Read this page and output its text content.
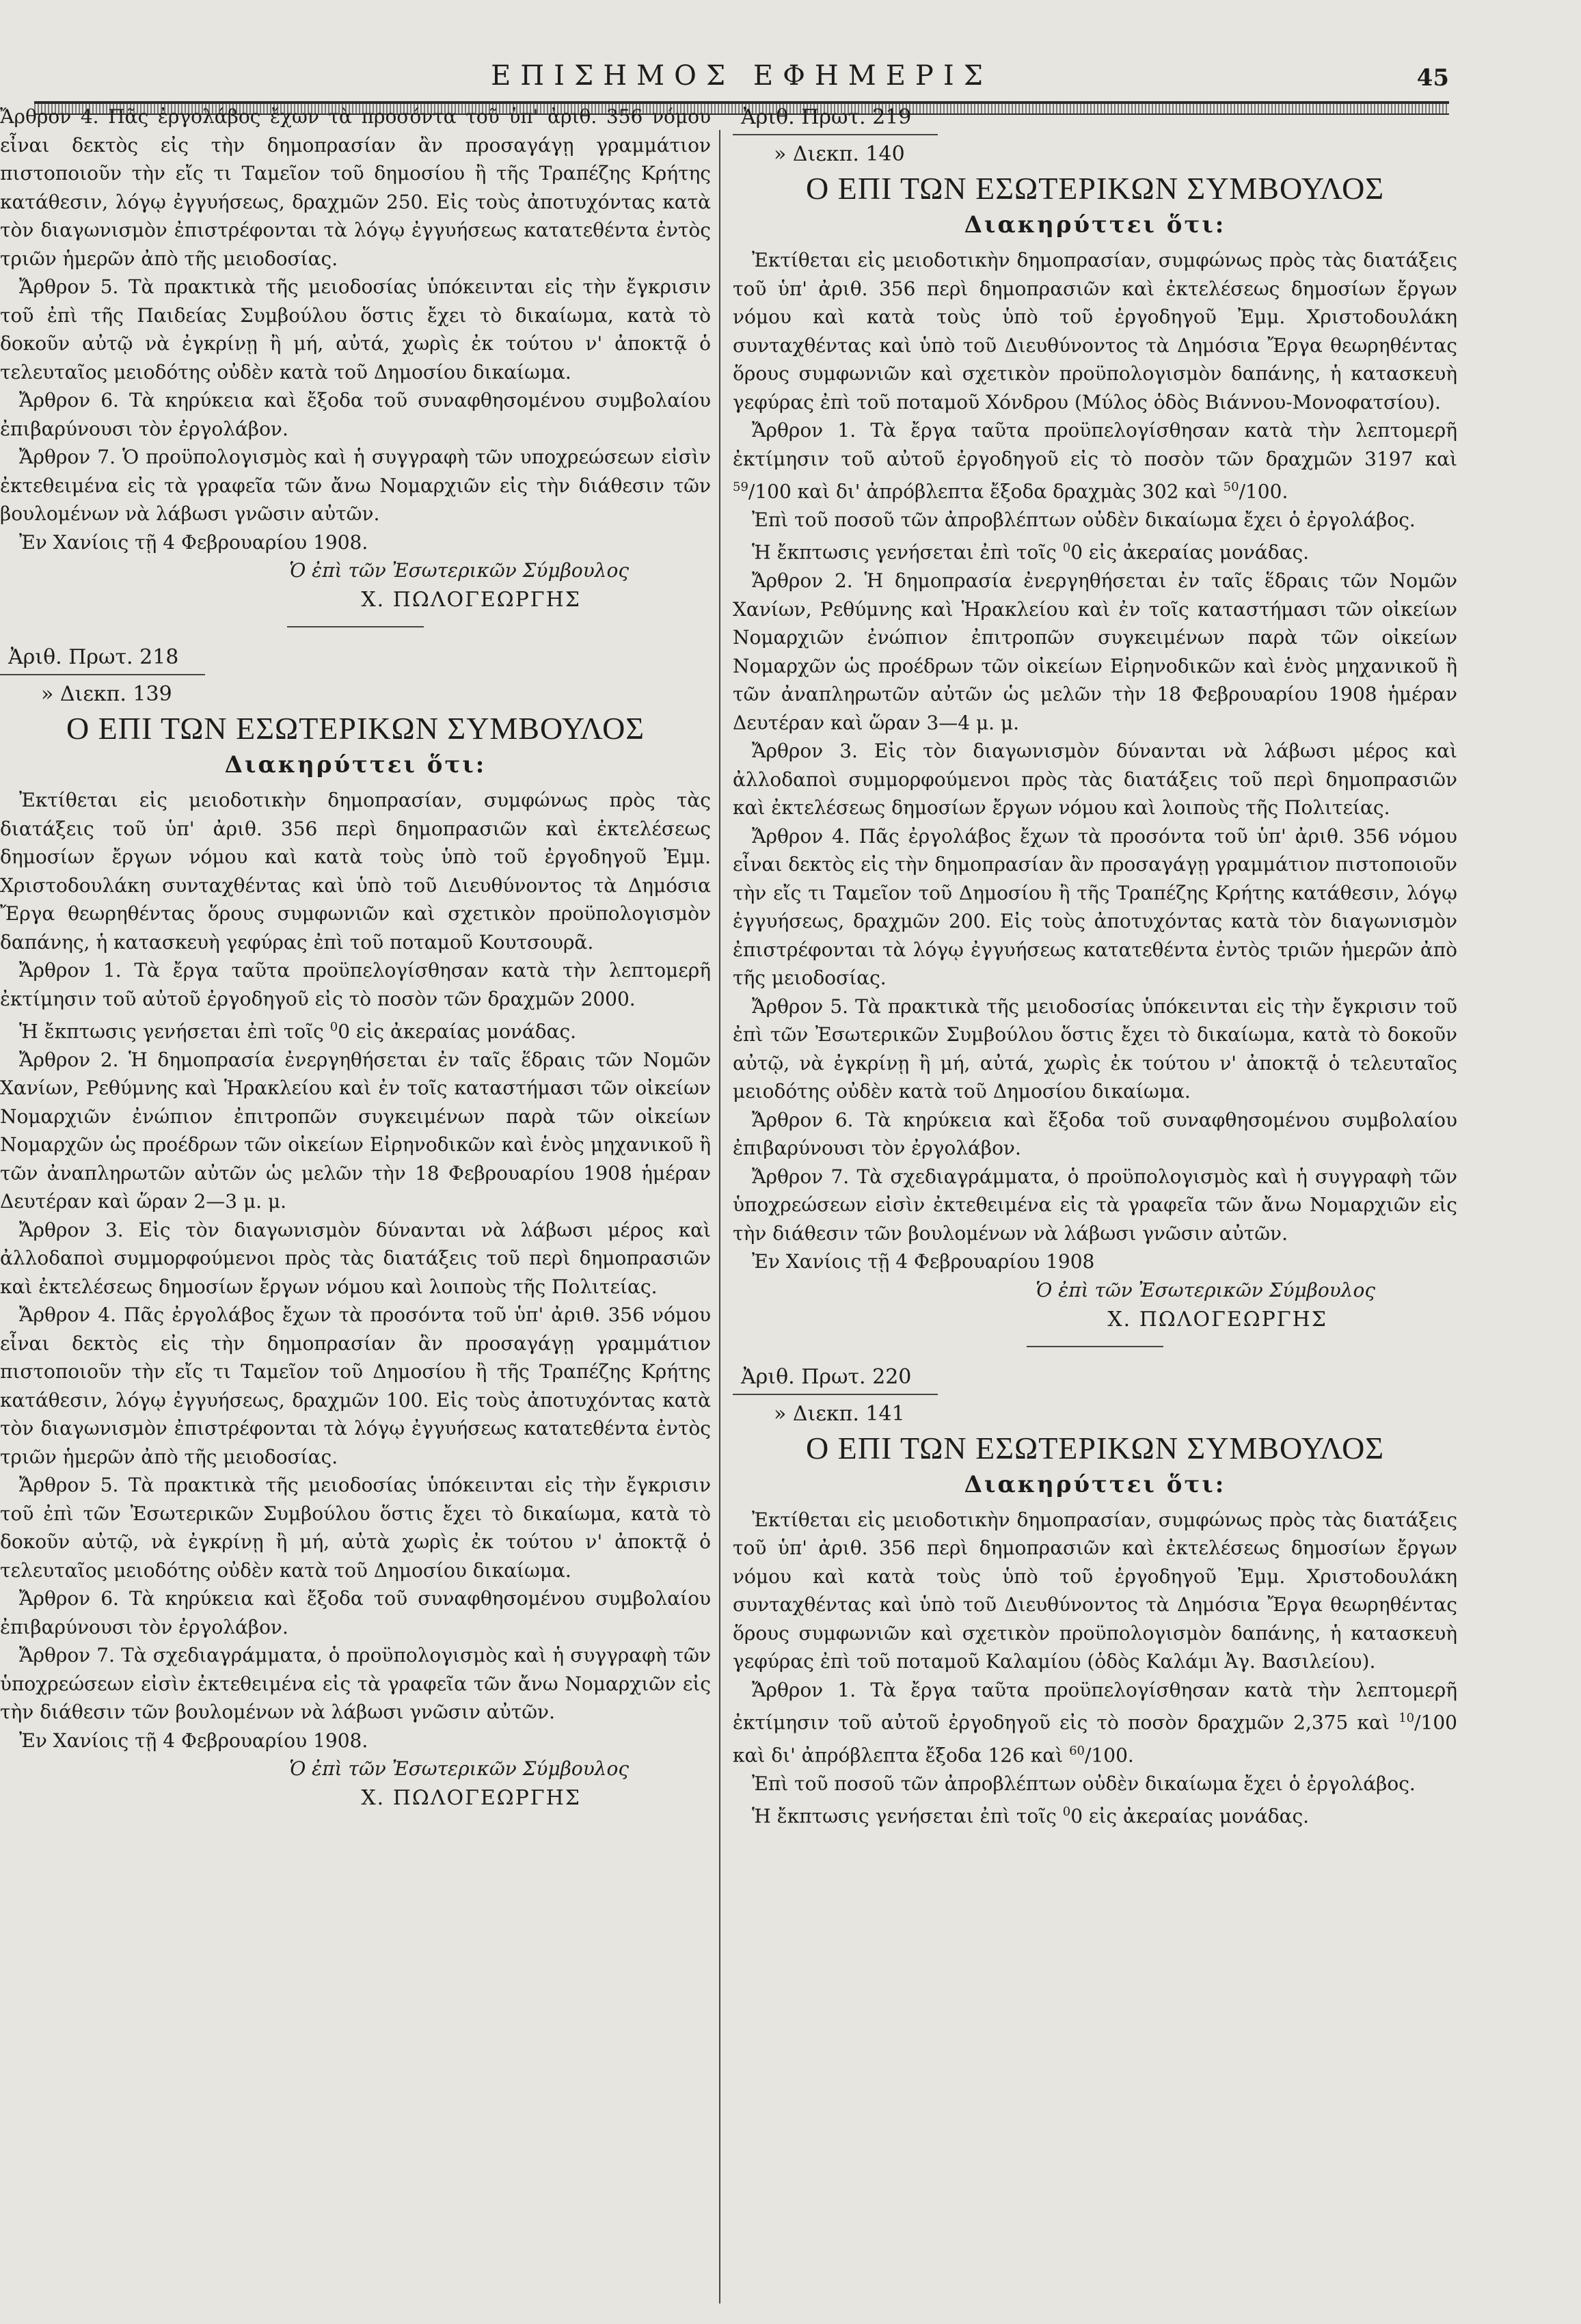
ΕΠΙΣΗΜΟΣ ΕΦΗΜΕΡΙΣ	45

Ἄρθρον 4. Πᾶς ἐργολάβος ἔχων τὰ προσόντα τοῦ ὑπ' ἀριθ. 356 νόμου εἶναι δεκτὸς εἰς τὴν δημοπρασίαν ἂν προσαγάγῃ γραμμάτιον πιστοποιοῦν τὴν εἴς τι Ταμεῖον τοῦ δημοσίου ἢ τῆς Τραπέζης Κρήτης κατάθεσιν, λόγῳ ἐγγυήσεως, δραχμῶν 250. Εἰς τοὺς ἀποτυχόντας κατὰ τὸν διαγωνισμὸν ἐπιστρέφονται τὰ λόγῳ ἐγγυήσεως κατατεθέντα ἐντὸς τριῶν ἡμερῶν ἀπὸ τῆς μειοδοσίας.

Ἄρθρον 5. Τὰ πρακτικὰ τῆς μειοδοσίας ὑπόκεινται εἰς τὴν ἔγκρισιν τοῦ ἐπὶ τῆς Παιδείας Συμβούλου ὅστις ἔχει τὸ δικαίωμα, κατὰ τὸ δοκοῦν αὐτῷ νὰ ἐγκρίνῃ ἢ μή, αὐτά, χωρὶς ἐκ τούτου ν' ἀποκτᾷ ὁ τελευταῖος μειοδότης οὐδὲν κατὰ τοῦ Δημοσίου δικαίωμα.

Ἄρθρον 6. Τὰ κηρύκεια καὶ ἔξοδα τοῦ συναφθησομένου συμβολαίου ἐπιβαρύνουσι τὸν ἐργολάβον.

Ἄρθρον 7. Ὁ προϋπολογισμὸς καὶ ἡ συγγραφὴ τῶν υποχρεώσεων εἰσὶν ἐκτεθειμένα εἰς τὰ γραφεῖα τῶν ἄνω Νομαρχιῶν εἰς τὴν διάθεσιν τῶν βουλομένων νὰ λάβωσι γνῶσιν αὐτῶν.

Ἐν Χανίοις τῇ 4 Φεβρουαρίου 1908.

Ὁ ἐπὶ τῶν Ἐσωτερικῶν Σύμβουλος
Χ. ΠΩΛΟΓΕΩΡΓΗΣ
Ἀριθ. Πρωτ. 218
» Διεκπ. 139
Ο ΕΠΙ ΤΩΝ ΕΣΩΤΕΡΙΚΩΝ ΣΥΜΒΟΥΛΟΣ
Διακηρύττει ὅτι:

Ἐκτίθεται εἰς μειοδοτικὴν δημοπρασίαν, συμφώνως πρὸς τὰς διατάξεις τοῦ ὑπ' ἀριθ. 356 περὶ δημοπρασιῶν καὶ ἐκτελέσεως δημοσίων ἔργων νόμου καὶ κατὰ τοὺς ὑπὸ τοῦ ἐργοδηγοῦ Ἐμμ. Χριστοδουλάκη συνταχθέντας καὶ ὑπὸ τοῦ Διευθύνοντος τὰ Δημόσια Ἔργα θεωρηθέντας ὅρους συμφωνιῶν καὶ σχετικὸν προϋπολογισμὸν δαπάνης, ἡ κατασκευὴ γεφύρας ἐπὶ τοῦ ποταμοῦ Κουτσουρᾶ.

Ἄρθρον 1. Τὰ ἔργα ταῦτα προϋπελογίσθησαν κατὰ τὴν λεπτομερῆ ἐκτίμησιν τοῦ αὐτοῦ ἐργοδηγοῦ εἰς τὸ ποσὸν τῶν δραχμῶν 2000.

Ἡ ἔκπτωσις γενήσεται ἐπὶ τοῖς $^0$0 εἰς ἀκεραίας μονάδας.

Ἄρθρον 2. Ἡ δημοπρασία ἐνεργηθήσεται ἐν ταῖς ἕδραις τῶν Νομῶν Χανίων, Ρεθύμνης καὶ Ἡρακλείου καὶ ἐν τοῖς καταστήμασι τῶν οἰκείων Νομαρχιῶν ἐνώπιον ἐπιτροπῶν συγκειμένων παρὰ τῶν οἰκείων Νομαρχῶν ὡς προέδρων τῶν οἰκείων Εἰρηνοδικῶν καὶ ἑνὸς μηχανικοῦ ἢ τῶν ἀναπληρωτῶν αὐτῶν ὡς μελῶν τὴν 18 Φεβρουαρίου 1908 ἡμέραν Δευτέραν καὶ ὥραν 2—3 μ. μ.

Ἄρθρον 3. Εἰς τὸν διαγωνισμὸν δύνανται νὰ λάβωσι μέρος καὶ ἀλλοδαποὶ συμμορφούμενοι πρὸς τὰς διατάξεις τοῦ περὶ δημοπρασιῶν καὶ ἐκτελέσεως δημοσίων ἔργων νόμου καὶ λοιποὺς τῆς Πολιτείας.

Ἄρθρον 4. Πᾶς ἐργολάβος ἔχων τὰ προσόντα τοῦ ὑπ' ἀριθ. 356 νόμου εἶναι δεκτὸς εἰς τὴν δημοπρασίαν ἂν προσαγάγῃ γραμμάτιον πιστοποιοῦν τὴν εἴς τι Ταμεῖον τοῦ Δημοσίου ἢ τῆς Τραπέζης Κρήτης κατάθεσιν, λόγῳ ἐγγυήσεως, δραχμῶν 100. Εἰς τοὺς ἀποτυχόντας κατὰ τὸν διαγωνισμὸν ἐπιστρέφονται τὰ λόγῳ ἐγγυήσεως κατατεθέντα ἐντὸς τριῶν ἡμερῶν ἀπὸ τῆς μειοδοσίας.

Ἄρθρον 5. Τὰ πρακτικὰ τῆς μειοδοσίας ὑπόκεινται εἰς τὴν ἔγκρισιν τοῦ ἐπὶ τῶν Ἐσωτερικῶν Συμβούλου ὅστις ἔχει τὸ δικαίωμα, κατὰ τὸ δοκοῦν αὐτῷ, νὰ ἐγκρίνῃ ἢ μή, αὐτὰ χωρὶς ἐκ τούτου ν' ἀποκτᾷ ὁ τελευταῖος μειοδότης οὐδὲν κατὰ τοῦ Δημοσίου δικαίωμα.

Ἄρθρον 6. Τὰ κηρύκεια καὶ ἔξοδα τοῦ συναφθησομένου συμβολαίου ἐπιβαρύνουσι τὸν ἐργολάβον.

Ἄρθρον 7. Τὰ σχεδιαγράμματα, ὁ προϋπολογισμὸς καὶ ἡ συγγραφὴ τῶν ὑποχρεώσεων εἰσὶν ἐκτεθειμένα εἰς τὰ γραφεῖα τῶν ἄνω Νομαρχιῶν εἰς τὴν διάθεσιν τῶν βουλομένων νὰ λάβωσι γνῶσιν αὐτῶν.

Ἐν Χανίοις τῇ 4 Φεβρουαρίου 1908.

Ὁ ἐπὶ τῶν Ἐσωτερικῶν Σύμβουλος
Χ. ΠΩΛΟΓΕΩΡΓΗΣ
Ἀριθ. Πρωτ. 219
» Διεκπ. 140
Ο ΕΠΙ ΤΩΝ ΕΣΩΤΕΡΙΚΩΝ ΣΥΜΒΟΥΛΟΣ
Διακηρύττει ὅτι:

Ἐκτίθεται εἰς μειοδοτικὴν δημοπρασίαν, συμφώνως πρὸς τὰς διατάξεις τοῦ ὑπ' ἀριθ. 356 περὶ δημοπρασιῶν καὶ ἐκτελέσεως δημοσίων ἔργων νόμου καὶ κατὰ τοὺς ὑπὸ τοῦ ἐργοδηγοῦ Ἐμμ. Χριστοδουλάκη συνταχθέντας καὶ ὑπὸ τοῦ Διευθύνοντος τὰ Δημόσια Ἔργα θεωρηθέντας ὅρους συμφωνιῶν καὶ σχετικὸν προϋπολογισμὸν δαπάνης, ἡ κατασκευὴ γεφύρας ἐπὶ τοῦ ποταμοῦ Χόνδρου (Μύλος ὁδὸς Βιάννου-Μονοφατσίου).

Ἄρθρον 1. Τὰ ἔργα ταῦτα προϋπελογίσθησαν κατὰ τὴν λεπτομερῆ ἐκτίμησιν τοῦ αὐτοῦ ἐργοδηγοῦ εἰς τὸ ποσὸν τῶν δραχμῶν 3197 καὶ $^{59}$/100 καὶ δι' ἀπρόβλεπτα ἔξοδα δραχμὰς 302 καὶ $^{50}$/100.

Ἐπὶ τοῦ ποσοῦ τῶν ἀπροβλέπτων οὐδὲν δικαίωμα ἔχει ὁ ἐργολάβος.

Ἡ ἔκπτωσις γενήσεται ἐπὶ τοῖς $^0$0 εἰς ἀκεραίας μονάδας.

Ἄρθρον 2. Ἡ δημοπρασία ἐνεργηθήσεται ἐν ταῖς ἕδραις τῶν Νομῶν Χανίων, Ρεθύμνης καὶ Ἡρακλείου καὶ ἐν τοῖς καταστήμασι τῶν οἰκείων Νομαρχιῶν ἐνώπιον ἐπιτροπῶν συγκειμένων παρὰ τῶν οἰκείων Νομαρχῶν ὡς προέδρων τῶν οἰκείων Εἰρηνοδικῶν καὶ ἑνὸς μηχανικοῦ ἢ τῶν ἀναπληρωτῶν αὐτῶν ὡς μελῶν τὴν 18 Φεβρουαρίου 1908 ἡμέραν Δευτέραν καὶ ὥραν 3—4 μ. μ.

Ἄρθρον 3. Εἰς τὸν διαγωνισμὸν δύνανται νὰ λάβωσι μέρος καὶ ἀλλοδαποὶ συμμορφούμενοι πρὸς τὰς διατάξεις τοῦ περὶ δημοπρασιῶν καὶ ἐκτελέσεως δημοσίων ἔργων νόμου καὶ λοιποὺς τῆς Πολιτείας.

Ἄρθρον 4. Πᾶς ἐργολάβος ἔχων τὰ προσόντα τοῦ ὑπ' ἀριθ. 356 νόμου εἶναι δεκτὸς εἰς τὴν δημοπρασίαν ἂν προσαγάγῃ γραμμάτιον πιστοποιοῦν τὴν εἴς τι Ταμεῖον τοῦ Δημοσίου ἢ τῆς Τραπέζης Κρήτης κατάθεσιν, λόγῳ ἐγγυήσεως, δραχμῶν 200. Εἰς τοὺς ἀποτυχόντας κατὰ τὸν διαγωνισμὸν ἐπιστρέφονται τὰ λόγῳ ἐγγυήσεως κατατεθέντα ἐντὸς τριῶν ἡμερῶν ἀπὸ τῆς μειοδοσίας.

Ἄρθρον 5. Τὰ πρακτικὰ τῆς μειοδοσίας ὑπόκεινται εἰς τὴν ἔγκρισιν τοῦ ἐπὶ τῶν Ἐσωτερικῶν Συμβούλου ὅστις ἔχει τὸ δικαίωμα, κατὰ τὸ δοκοῦν αὐτῷ, νὰ ἐγκρίνῃ ἢ μή, αὐτά, χωρὶς ἐκ τούτου ν' ἀποκτᾷ ὁ τελευταῖος μειοδότης οὐδὲν κατὰ τοῦ Δημοσίου δικαίωμα.

Ἄρθρον 6. Τὰ κηρύκεια καὶ ἔξοδα τοῦ συναφθησομένου συμβολαίου ἐπιβαρύνουσι τὸν ἐργολάβον.

Ἄρθρον 7. Τὰ σχεδιαγράμματα, ὁ προϋπολογισμὸς καὶ ἡ συγγραφὴ τῶν ὑποχρεώσεων εἰσὶν ἐκτεθειμένα εἰς τὰ γραφεῖα τῶν ἄνω Νομαρχιῶν εἰς τὴν διάθεσιν τῶν βουλομένων νὰ λάβωσι γνῶσιν αὐτῶν.

Ἐν Χανίοις τῇ 4 Φεβρουαρίου 1908

Ὁ ἐπὶ τῶν Ἐσωτερικῶν Σύμβουλος
Χ. ΠΩΛΟΓΕΩΡΓΗΣ
Ἀριθ. Πρωτ. 220
» Διεκπ. 141
Ο ΕΠΙ ΤΩΝ ΕΣΩΤΕΡΙΚΩΝ ΣΥΜΒΟΥΛΟΣ
Διακηρύττει ὅτι:

Ἐκτίθεται εἰς μειοδοτικὴν δημοπρασίαν, συμφώνως πρὸς τὰς διατάξεις τοῦ ὑπ' ἀριθ. 356 περὶ δημοπρασιῶν καὶ ἐκτελέσεως δημοσίων ἔργων νόμου καὶ κατὰ τοὺς ὑπὸ τοῦ ἐργοδηγοῦ Ἐμμ. Χριστοδουλάκη συνταχθέντας καὶ ὑπὸ τοῦ Διευθύνοντος τὰ Δημόσια Ἔργα θεωρηθέντας ὅρους συμφωνιῶν καὶ σχετικὸν προϋπολογισμὸν δαπάνης, ἡ κατασκευὴ γεφύρας ἐπὶ τοῦ ποταμοῦ Καλαμίου (ὁδὸς Καλάμι Ἀγ. Βασιλείου).

Ἄρθρον 1. Τὰ ἔργα ταῦτα προϋπελογίσθησαν κατὰ τὴν λεπτομερῆ ἐκτίμησιν τοῦ αὐτοῦ ἐργοδηγοῦ εἰς τὸ ποσὸν δραχμῶν 2,375 καὶ $^{10}$/100 καὶ δι' ἀπρόβλεπτα ἔξοδα 126 καὶ $^{60}$/100.

Ἐπὶ τοῦ ποσοῦ τῶν ἀπροβλέπτων οὐδὲν δικαίωμα ἔχει ὁ ἐργολάβος.

Ἡ ἔκπτωσις γενήσεται ἐπὶ τοῖς $^0$0 εἰς ἀκεραίας μονάδας.
